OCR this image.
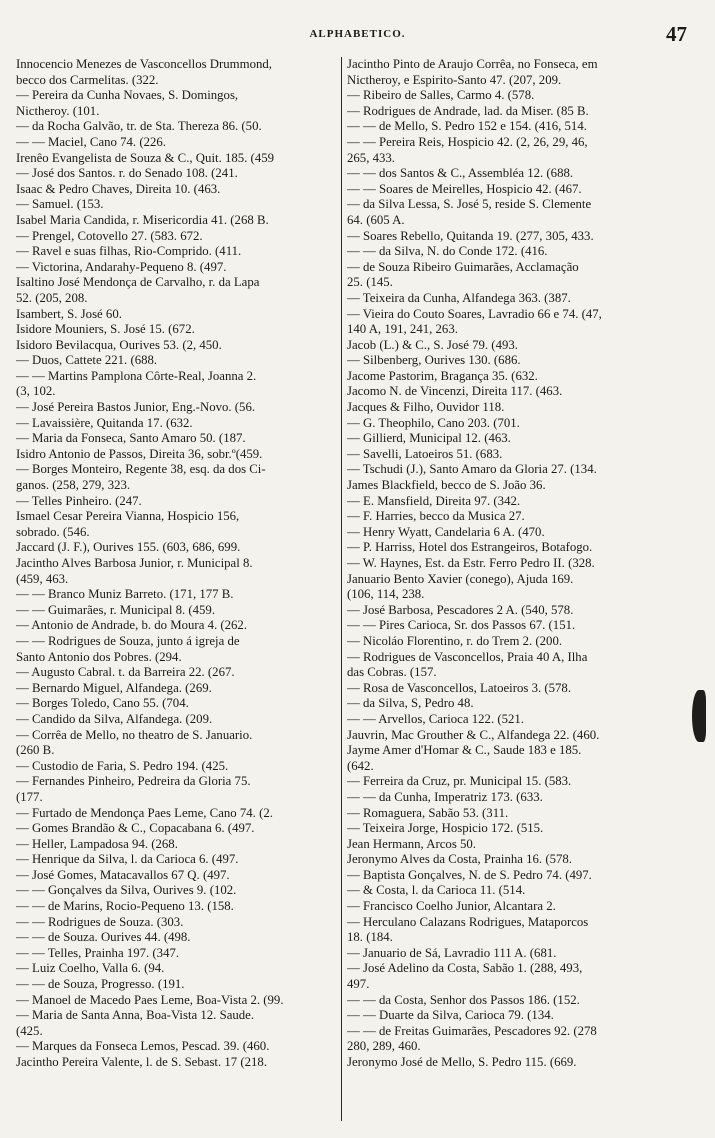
ALPHABETICO.	47
Innocencio Menezes de Vasconcellos Drummond,
becco dos Carmelitas. (322.
— Pereira da Cunha Novaes, S. Domingos,
Nictheroy. (101.
— da Rocha Galvão, tr. de Sta. Thereza 86. (50.
— — Maciel, Cano 74. (226.
Irenêo Evangelista de Souza & C., Quit. 185. (459
— José dos Santos. r. do Senado 108. (241.
Isaac & Pedro Chaves, Direita 10. (463.
— Samuel. (153.
Isabel Maria Candida, r. Misericordia 41. (268 B.
— Prengel, Cotovello 27. (583. 672.
— Ravel e suas filhas, Rio-Comprido. (411.
— Victorina, Andarahy-Pequeno 8. (497.
Isaltino José Mendonça de Carvalho, r. da Lapa
52. (205, 208.
Isambert, S. José 60.
Isidore Mouniers, S. José 15. (672.
Isidoro Bevilacqua, Ourives 53. (2, 450.
— Duos, Cattete 221. (688.
— — Martins Pamplona Côrte-Real, Joanna 2.
(3, 102.
— José Pereira Bastos Junior, Eng.-Novo. (56.
— Lavaissière, Quitanda 17. (632.
— Maria da Fonseca, Santo Amaro 50. (187.
Isidro Antonio de Passos, Direita 36, sobr.º(459.
— Borges Monteiro, Regente 38, esq. da dos Ci-
ganos. (258, 279, 323.
— Telles Pinheiro. (247.
Ismael Cesar Pereira Vianna, Hospicio 156,
sobrado. (546.
Jaccard (J. F.), Ourives 155. (603, 686, 699.
Jacintho Alves Barbosa Junior, r. Municipal 8.
(459, 463.
— — Branco Muniz Barreto. (171, 177 B.
— — Guimarães, r. Municipal 8. (459.
— Antonio de Andrade, b. do Moura 4. (262.
— — Rodrigues de Souza, junto á igreja de
Santo Antonio dos Pobres. (294.
— Augusto Cabral. t. da Barreira 22. (267.
— Bernardo Miguel, Alfandega. (269.
— Borges Toledo, Cano 55. (704.
— Candido da Silva, Alfandega. (209.
— Corrêa de Mello, no theatro de S. Januario.
(260 B.
— Custodio de Faria, S. Pedro 194. (425.
— Fernandes Pinheiro, Pedreira da Gloria 75.
(177.
— Furtado de Mendonça Paes Leme, Cano 74. (2.
— Gomes Brandão & C., Copacabana 6. (497.
— Heller, Lampadosa 94. (268.
— Henrique da Silva, l. da Carioca 6. (497.
— José Gomes, Matacavallos 67 Q. (497.
— — Gonçalves da Silva, Ourives 9. (102.
— — de Marins, Rocio-Pequeno 13. (158.
— — Rodrigues de Souza. (303.
— — de Souza. Ourives 44. (498.
— — Telles, Prainha 197. (347.
— Luiz Coelho, Valla 6. (94.
— — de Souza, Progresso. (191.
— Manoel de Macedo Paes Leme, Boa-Vista 2. (99.
— Maria de Santa Anna, Boa-Vista 12. Saude.
(425.
— Marques da Fonseca Lemos, Pescad. 39. (460.
Jacintho Pereira Valente, l. de S. Sebast. 17 (218.
Jacintho Pinto de Araujo Corrêa, no Fonseca, em
Nictheroy, e Espirito-Santo 47. (207, 209.
— Ribeiro de Salles, Carmo 4. (578.
— Rodrigues de Andrade, lad. da Miser. (85 B.
— — de Mello, S. Pedro 152 e 154. (416, 514.
— — Pereira Reis, Hospicio 42. (2, 26, 29, 46,
265, 433.
— — dos Santos & C., Assembléa 12. (688.
— — Soares de Meirelles, Hospicio 42. (467.
— da Silva Lessa, S. José 5, reside S. Clemente
64. (605 A.
— Soares Rebello, Quitanda 19. (277, 305, 433.
— — da Silva, N. do Conde 172. (416.
— de Souza Ribeiro Guimarães, Acclamação
25. (145.
— Teixeira da Cunha, Alfandega 363. (387.
— Vieira do Couto Soares, Lavradio 66 e 74. (47,
140 A, 191, 241, 263.
Jacob (L.) & C., S. José 79. (493.
— Silbenberg, Ourives 130. (686.
Jacome Pastorim, Bragança 35. (632.
Jacomo N. de Vincenzi, Direita 117. (463.
Jacques & Filho, Ouvidor 118.
— G. Theophilo, Cano 203. (701.
— Gillierd, Municipal 12. (463.
— Savelli, Latoeiros 51. (683.
— Tschudi (J.), Santo Amaro da Gloria 27. (134.
James Blackfield, becco de S. João 36.
— E. Mansfield, Direita 97. (342.
— F. Harries, becco da Musica 27.
— Henry Wyatt, Candelaria 6 A. (470.
— P. Harriss, Hotel dos Estrangeiros, Botafogo.
— W. Haynes, Est. da Estr. Ferro Pedro II. (328.
Januario Bento Xavier (conego), Ajuda 169.
(106, 114, 238.
— José Barbosa, Pescadores 2 A. (540, 578.
— — Pires Carioca, Sr. dos Passos 67. (151.
— Nicoláo Florentino, r. do Trem 2. (200.
— Rodrigues de Vasconcellos, Praia 40 A, Ilha
das Cobras. (157.
— Rosa de Vasconcellos, Latoeiros 3. (578.
— da Silva, S, Pedro 48.
— — Arvellos, Carioca 122. (521.
Jauvrin, Mac Grouther & C., Alfandega 22. (460.
Jayme Amer d'Homar & C., Saude 183 e 185.
(642.
— Ferreira da Cruz, pr. Municipal 15. (583.
— — da Cunha, Imperatriz 173. (633.
— Romaguera, Sabão 53. (311.
— Teixeira Jorge, Hospicio 172. (515.
Jean Hermann, Arcos 50.
Jeronymo Alves da Costa, Prainha 16. (578.
— Baptista Gonçalves, N. de S. Pedro 74. (497.
— & Costa, l. da Carioca 11. (514.
— Francisco Coelho Junior, Alcantara 2.
— Herculano Calazans Rodrigues, Mataporcos
18. (184.
— Januario de Sá, Lavradio 111 A. (681.
— José Adelino da Costa, Sabão 1. (288, 493,
497.
— — da Costa, Senhor dos Passos 186. (152.
— — Duarte da Silva, Carioca 79. (134.
— — de Freitas Guimarães, Pescadores 92. (278
280, 289, 460.
Jeronymo José de Mello, S. Pedro 115. (669.
